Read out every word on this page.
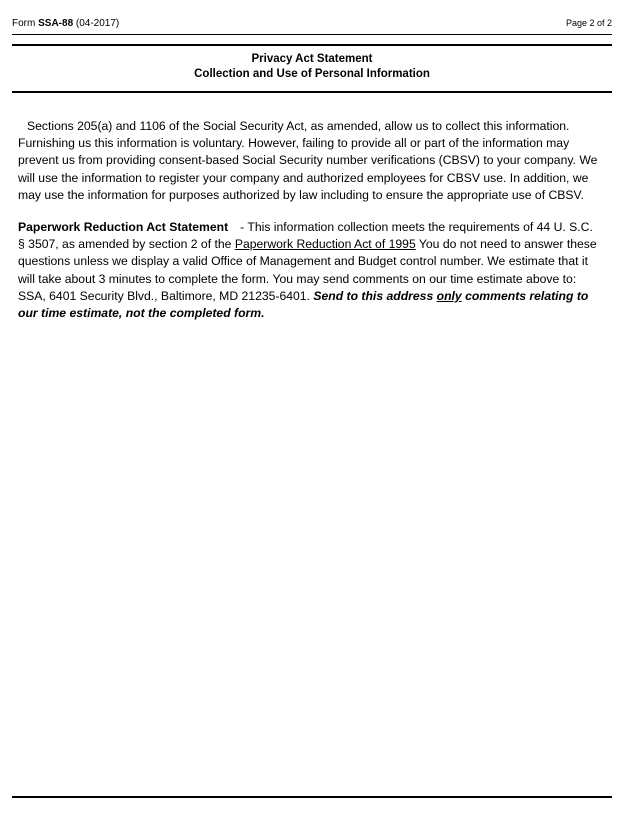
Form SSA-88 (04-2017)	Page 2 of 2
Privacy Act Statement
Collection and Use of Personal Information
Sections 205(a) and 1106 of the Social Security Act, as amended, allow us to collect this information. Furnishing us this information is voluntary. However, failing to provide all or part of the information may prevent us from providing consent-based Social Security number verifications (CBSV) to your company. We will use the information to register your company and authorized employees for CBSV use. In addition, we may use the information for purposes authorized by law including to ensure the appropriate use of CBSV.
Paperwork Reduction Act Statement - This information collection meets the requirements of 44 U. S.C. § 3507, as amended by section 2 of the Paperwork Reduction Act of 1995 You do not need to answer these questions unless we display a valid Office of Management and Budget control number. We estimate that it will take about 3 minutes to complete the form. You may send comments on our time estimate above to: SSA, 6401 Security Blvd., Baltimore, MD 21235-6401. Send to this address only comments relating to our time estimate, not the completed form.
